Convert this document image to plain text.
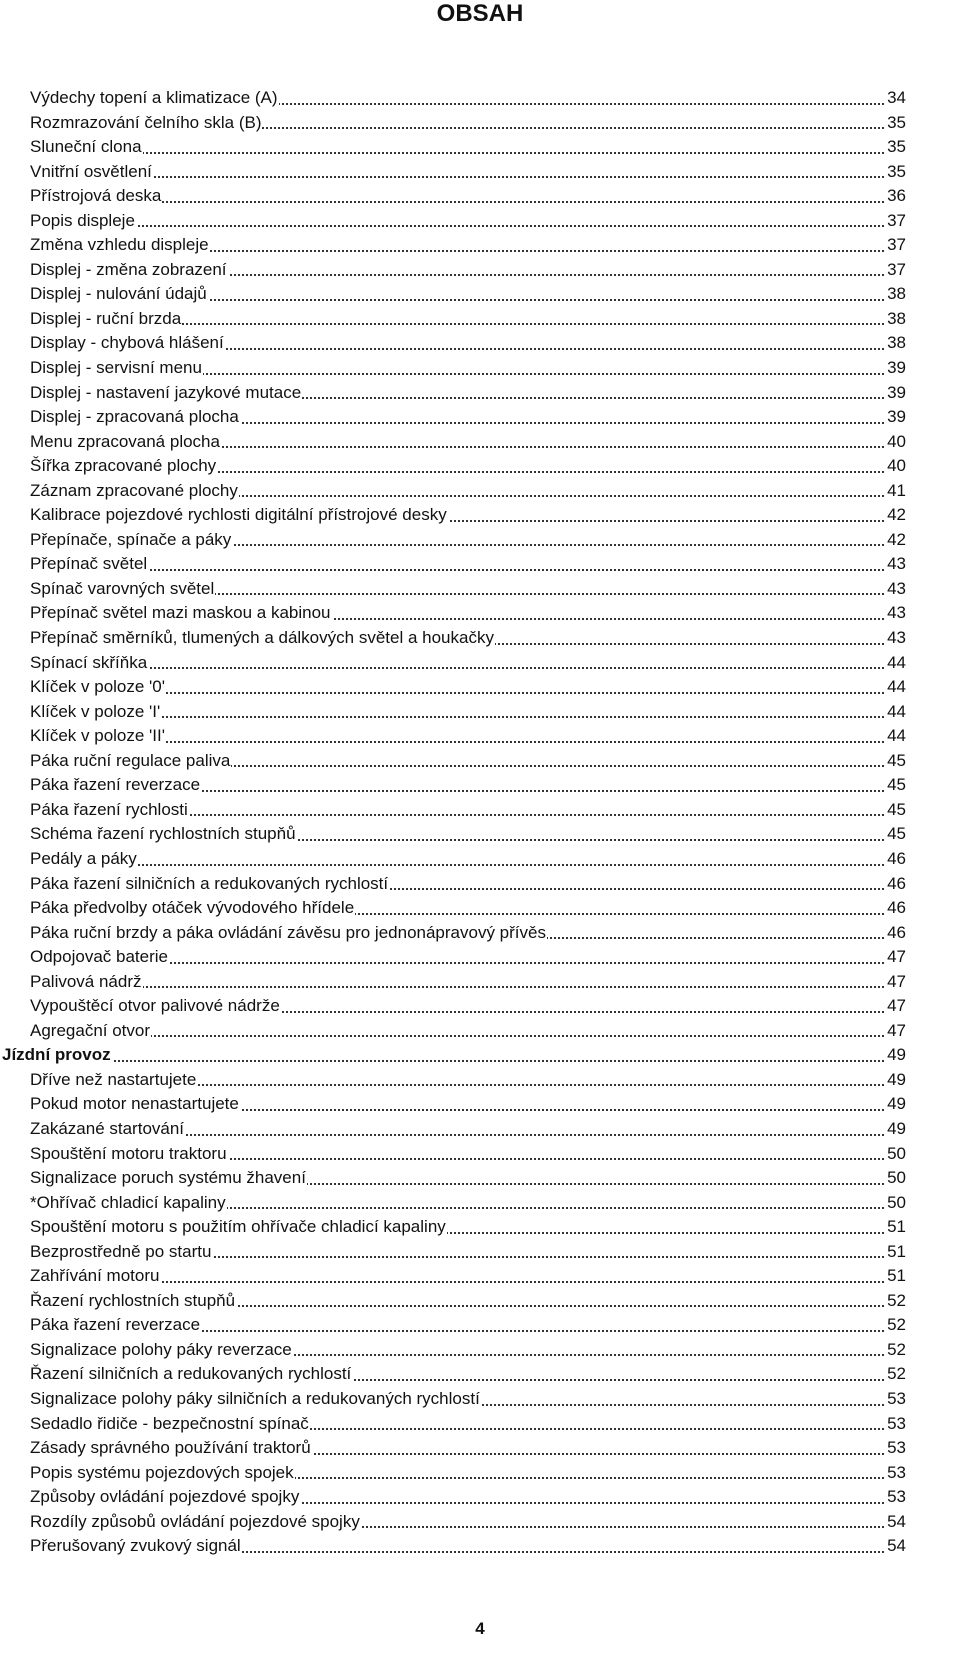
OBSAH
Výdechy topení a klimatizace (A)	34
Rozmrazování čelního skla (B)	35
Sluneční clona	35
Vnitřní osvětlení	35
Přístrojová deska	36
Popis displeje	37
Změna vzhledu displeje	37
Displej - změna zobrazení	37
Displej - nulování údajů	38
Displej - ruční brzda	38
Display - chybová hlášení	38
Displej - servisní menu	39
Displej - nastavení jazykové mutace	39
Displej - zpracovaná plocha	39
Menu zpracovaná plocha	40
Šířka zpracované plochy	40
Záznam zpracované plochy	41
Kalibrace pojezdové rychlosti digitální přístrojové desky	42
Přepínače, spínače a páky	42
Přepínač světel	43
Spínač varovných světel	43
Přepínač světel mazi maskou a kabinou	43
Přepínač směrníků, tlumených a dálkových světel a houkačky	43
Spínací skříňka	44
Klíček v poloze '0'	44
Klíček v poloze 'I'	44
Klíček v poloze 'II'	44
Páka ruční regulace paliva	45
Páka řazení reverzace	45
Páka řazení rychlosti	45
Schéma řazení rychlostních stupňů	45
Pedály a páky	46
Páka řazení silničních a redukovaných rychlostí	46
Páka předvolby otáček vývodového hřídele	46
Páka ruční brzdy a páka ovládání závěsu pro jednonápravový přívěs	46
Odpojovač baterie	47
Palivová nádrž	47
Vypouštěcí otvor palivové nádrže	47
Agregační otvor	47
Jízdní provoz	49
Dříve než nastartujete	49
Pokud motor nenastartujete	49
Zakázané startování	49
Spouštění motoru traktoru	50
Signalizace poruch systému žhavení	50
*Ohřívač chladicí kapaliny	50
Spouštění motoru s použitím ohřívače chladicí kapaliny	51
Bezprostředně po startu	51
Zahřívání motoru	51
Řazení rychlostních stupňů	52
Páka řazení reverzace	52
Signalizace polohy páky reverzace	52
Řazení silničních a redukovaných rychlostí	52
Signalizace polohy páky silničních a redukovaných rychlostí	53
Sedadlo řidiče - bezpečnostní spínač	53
Zásady správného používání traktorů	53
Popis systému pojezdových spojek	53
Způsoby ovládání pojezdové spojky	53
Rozdíly způsobů ovládání pojezdové spojky	54
Přerušovaný zvukový signál	54
4
